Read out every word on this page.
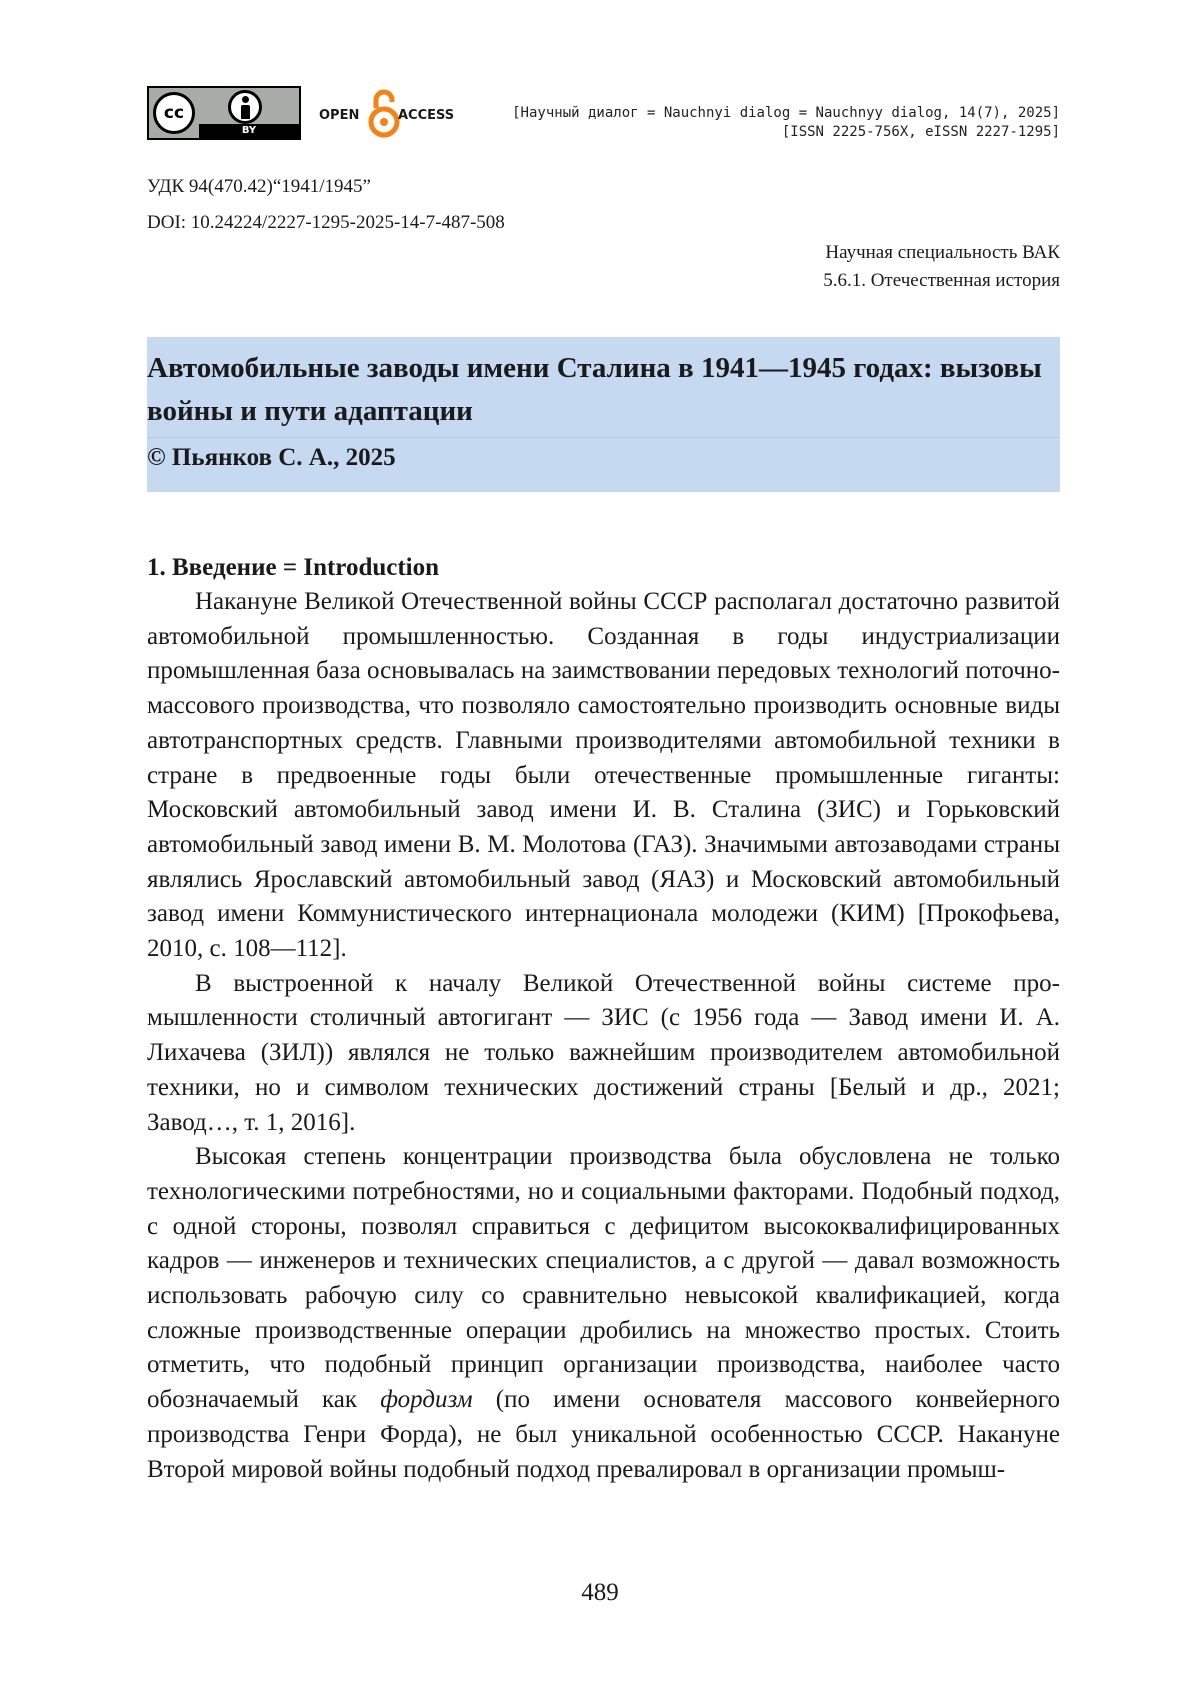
cc
BY
OPEN	ACCESS	[Научный диалог = Nauchnyi dialog = Nauchnyy dialog, 14(7), 2025]
[ISSN 2225-756X, eISSN 2227-1295]
УДК 94(470.42)“1941/1945”
DOI: 10.24224/2227-1295-2025-14-7-487-508
Научная специальность ВАК
5.6.1. Отечественная история
Автомобильные заводы имени Сталина в 1941—1945 годах: вызовы войны и пути адаптации
© Пьянков С. А., 2025
1. Введение = Introduction

Накануне Великой Отечественной войны СССР располагал достаточно развитой автомобильной промышленностью. Созданная в годы индустриализации промышленная база основывалась на заимствовании передовых технологий поточно-массового производства, что позволяло самостоятельно производить основные виды автотранспортных средств. Главными производителями автомобильной техники в стране в предвоенные годы были отечественные промышленные гиганты: Московский автомобильный завод имени И. В. Сталина (ЗИС) и Горьковский автомобильный завод имени В. М. Молотова (ГАЗ). Значимыми автозаводами страны являлись Ярославский автомобильный завод (ЯАЗ) и Московский автомобильный завод имени Коммунистического интернационала молодежи (КИМ) [Прокофьева, 2010, с. 108—112].

В выстроенной к началу Великой Отечественной войны системе промышленности столичный автогигант — ЗИС (с 1956 года — Завод имени И. А. Лихачева (ЗИЛ)) являлся не только важнейшим производителем автомобильной техники, но и символом технических достижений страны [Белый и др., 2021; Завод…, т. 1, 2016].

Высокая степень концентрации производства была обусловлена не только технологическими потребностями, но и социальными факторами. Подобный подход, с одной стороны, позволял справиться с дефицитом высококвалифицированных кадров — инженеров и технических специалистов, а с другой — давал возможность использовать рабочую силу со сравнительно невысокой квалификацией, когда сложные производственные операции дробились на множество простых. Стоить отметить, что подобный принцип организации производства, наиболее часто обозначаемый как фордизм (по имени основателя массового конвейерного производства Генри Форда), не был уникальной особенностью СССР. Накануне Второй мировой войны подобный подход превалировал в организации промыш-

489
